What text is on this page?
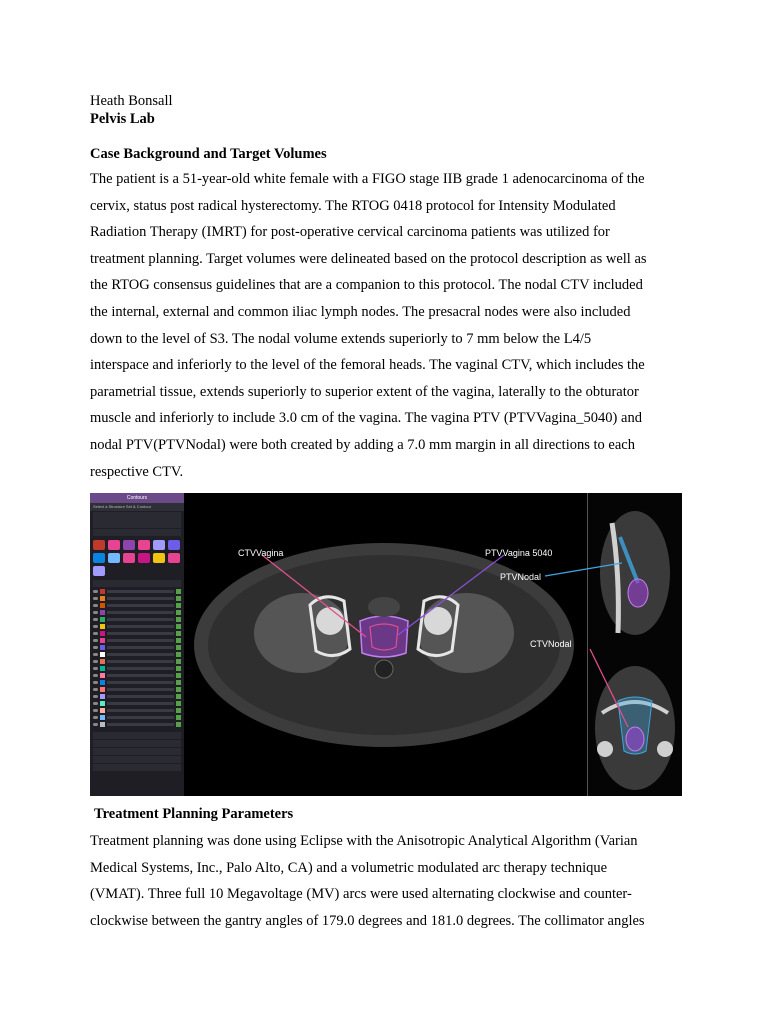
Heath Bonsall
Pelvis Lab
Case Background and Target Volumes
The patient is a 51-year-old white female with a FIGO stage IIB grade 1 adenocarcinoma of the
cervix, status post radical hysterectomy. The RTOG 0418 protocol for Intensity Modulated
Radiation Therapy (IMRT) for post-operative cervical carcinoma patients was utilized for
treatment planning. Target volumes were delineated based on the protocol description as well as
the RTOG consensus guidelines that are a companion to this protocol. The nodal CTV included
the internal, external and common iliac lymph nodes. The presacral nodes were also included
down to the level of S3. The nodal volume extends superiorly to 7 mm below the L4/5
interspace and inferiorly to the level of the femoral heads. The vaginal CTV, which includes the
parametrial tissue, extends superiorly to superior extent of the vagina, laterally to the obturator
muscle and inferiorly to include 3.0 cm of the vagina. The vagina PTV (PTVVagina_5040) and
nodal PTV(PTVNodal) were both created by adding a 7.0 mm margin in all directions to each
respective CTV.
Contours
Select a Structure Set & Contour
CTVVagina	PTVVagina 5040
PTVNodal
CTVNodal
Treatment Planning Parameters
Treatment planning was done using Eclipse with the Anisotropic Analytical Algorithm (Varian
Medical Systems, Inc., Palo Alto, CA) and a volumetric modulated arc therapy technique
(VMAT). Three full 10 Megavoltage (MV) arcs were used alternating clockwise and counter-
clockwise between the gantry angles of 179.0 degrees and 181.0 degrees. The collimator angles
